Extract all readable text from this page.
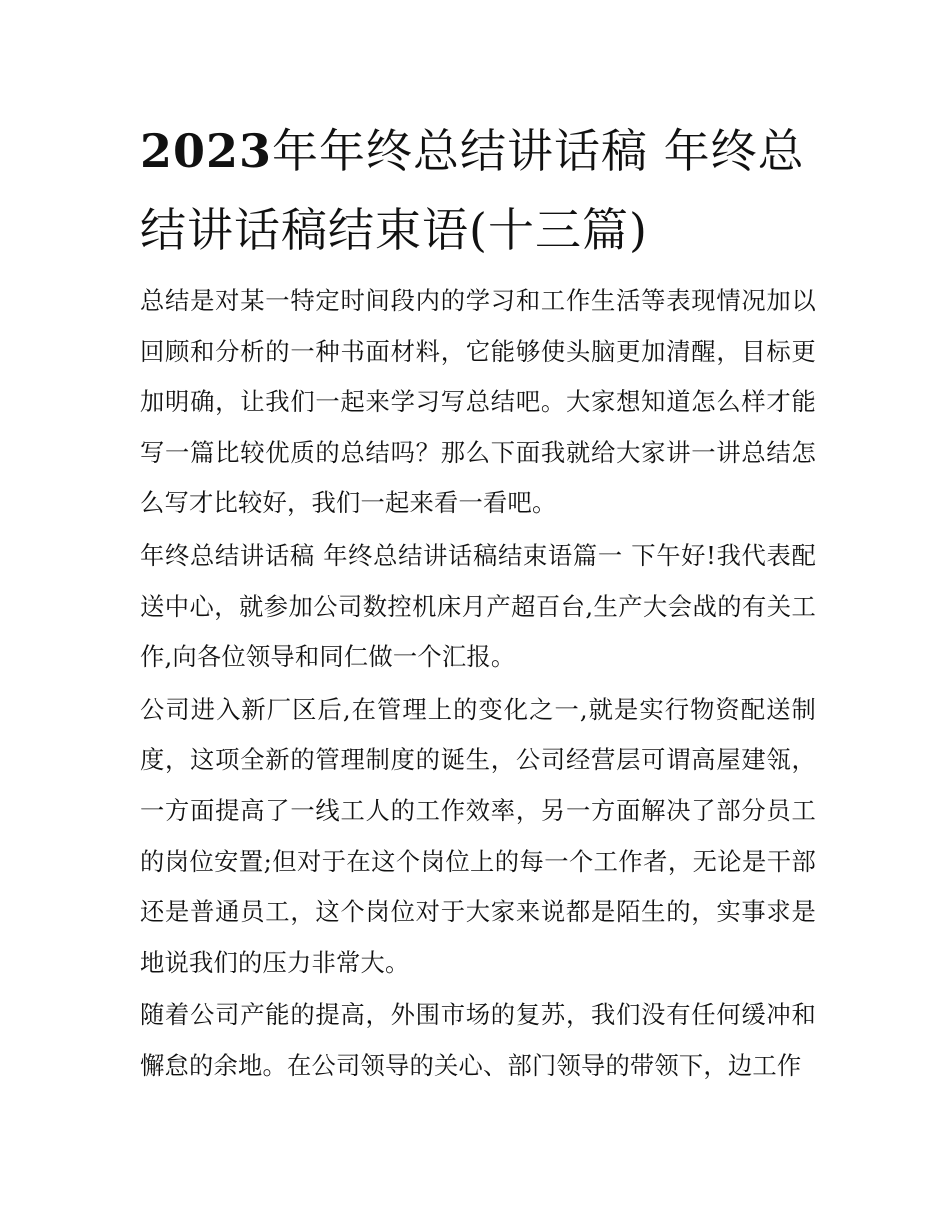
2023年年终总结讲话稿 年终总结讲话稿结束语(十三篇)

总结是对某一特定时间段内的学习和工作生活等表现情况加以回顾和分析的一种书面材料，它能够使头脑更加清醒，目标更加明确，让我们一起来学习写总结吧。大家想知道怎么样才能写一篇比较优质的总结吗？那么下面我就给大家讲一讲总结怎么写才比较好，我们一起来看一看吧。

年终总结讲话稿 年终总结讲话稿结束语篇一 下午好!我代表配送中心，就参加公司数控机床月产超百台,生产大会战的有关工作,向各位领导和同仁做一个汇报。

公司进入新厂区后,在管理上的变化之一,就是实行物资配送制度，这项全新的管理制度的诞生，公司经营层可谓高屋建瓴，一方面提高了一线工人的工作效率，另一方面解决了部分员工的岗位安置;但对于在这个岗位上的每一个工作者，无论是干部还是普通员工，这个岗位对于大家来说都是陌生的，实事求是地说我们的压力非常大。

随着公司产能的提高，外围市场的复苏，我们没有任何缓冲和懈怠的余地。在公司领导的关心、部门领导的带领下，边工作
